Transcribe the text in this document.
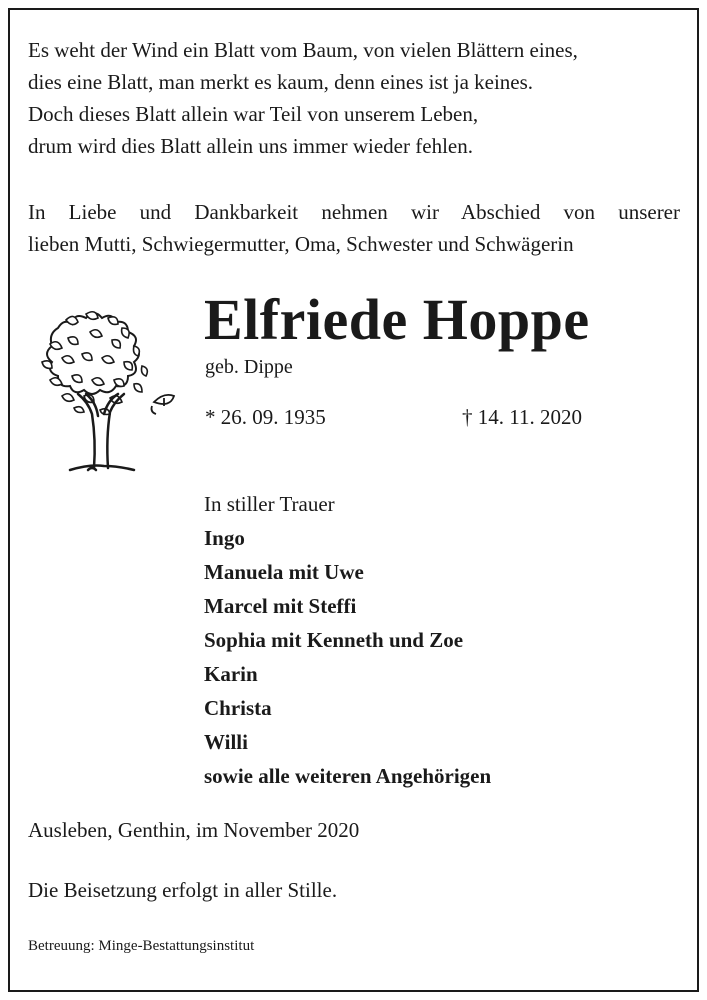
Es weht der Wind ein Blatt vom Baum, von vielen Blättern eines,
dies eine Blatt, man merkt es kaum, denn eines ist ja keines.
Doch dieses Blatt allein war Teil von unserem Leben,
drum wird dies Blatt allein uns immer wieder fehlen.
In Liebe und Dankbarkeit nehmen wir Abschied von unserer
lieben Mutti, Schwiegermutter, Oma, Schwester und Schwägerin
Elfriede Hoppe
geb. Dippe
* 26. 09. 1935	† 14. 11. 2020
In stiller Trauer
Ingo
Manuela mit Uwe
Marcel mit Steffi
Sophia mit Kenneth und Zoe
Karin
Christa
Willi
sowie alle weiteren Angehörigen
Ausleben, Genthin, im November 2020
Die Beisetzung erfolgt in aller Stille.
Betreuung: Minge-Bestattungsinstitut
